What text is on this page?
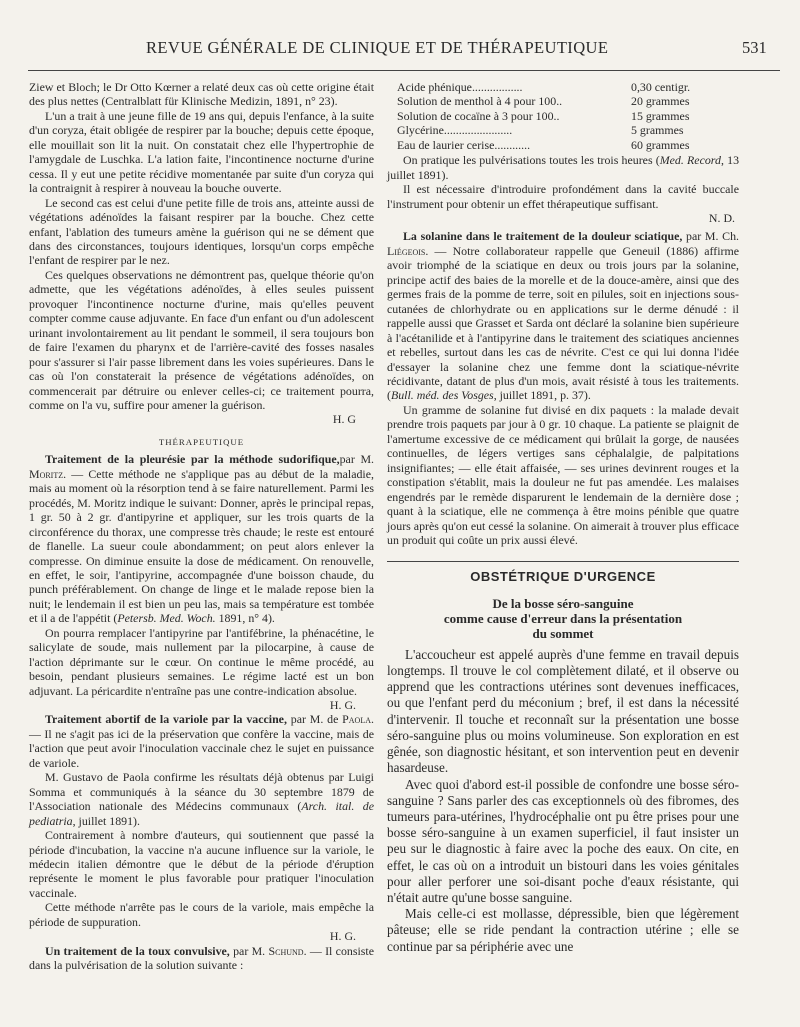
REVUE GÉNÉRALE DE CLINIQUE ET DE THÉRAPEUTIQUE	531

Ziew et Bloch; le Dr Otto Kœrner a relaté deux cas où cette origine était des plus nettes (Centralblatt für Klinische Medizin, 1891, n° 23).

L'un a trait à une jeune fille de 19 ans qui, depuis l'enfance, à la suite d'un coryza, était obligée de respirer par la bouche; depuis cette époque, elle mouillait son lit la nuit. On constatait chez elle l'hypertrophie de l'amygdale de Luschka. L'a lation faite, l'incontinence nocturne d'urine cessa. Il y eut une petite récidive momentanée par suite d'un coryza qui la contraignit à respirer à nouveau la bouche ouverte.

Le second cas est celui d'une petite fille de trois ans, atteinte aussi de végétations adénoïdes la faisant respirer par la bouche. Chez cette enfant, l'ablation des tumeurs amène la guérison qui ne se dément que dans des circonstances, toujours identiques, lorsqu'un corps empêche l'enfant de respirer par le nez.

Ces quelques observations ne démontrent pas, quelque théorie qu'on admette, que les végétations adénoïdes, à elles seules puissent provoquer l'incontinence nocturne d'urine, mais qu'elles peuvent compter comme cause adjuvante. En face d'un enfant ou d'un adolescent urinant involontairement au lit pendant le sommeil, il sera toujours bon de faire l'examen du pharynx et de l'arrière-cavité des fosses nasales pour s'assurer si l'air passe librement dans les voies supérieures. Dans le cas où l'on constaterait la présence de végétations adénoïdes, on commencerait par détruire ou enlever celles-ci; ce traitement pourra, comme on l'a vu, suffire pour amener la guérison.

H. G

THÉRAPEUTIQUE

Traitement de la pleurésie par la méthode sudorifique,par M. Moritz. — Cette méthode ne s'applique pas au début de la maladie, mais au moment où la résorption tend à se faire naturellement. Parmi les procédés, M. Moritz indique le suivant: Donner, après le principal repas, 1 gr. 50 à 2 gr. d'antipyrine et appliquer, sur les trois quarts de la circonférence du thorax, une compresse très chaude; le reste est entouré de flanelle. La sueur coule abondamment; on peut alors enlever la compresse. On diminue ensuite la dose de médicament. On renouvelle, en effet, le soir, l'antipyrine, accompagnée d'une boisson chaude, du punch préférablement. On change de linge et le malade repose bien la nuit; le lendemain il est bien un peu las, mais sa température est tombée et il a de l'appétit (Petersb. Med. Woch. 1891, n° 4).

On pourra remplacer l'antipyrine par l'antifébrine, la phénacétine, le salicylate de soude, mais nullement par la pilocarpine, à cause de l'action déprimante sur le cœur. On continue le même procédé, au besoin, pendant plusieurs semaines. Le régime lacté est un bon adjuvant. La péricardite n'entraîne pas une contre-indication absolue.

H. G.

Traitement abortif de la variole par la vaccine, par M. de Paola. — Il ne s'agit pas ici de la préservation que confère la vaccine, mais de l'action que peut avoir l'inoculation vaccinale chez le sujet en puissance de variole.

M. Gustavo de Paola confirme les résultats déjà obtenus par Luigi Somma et communiqués à la séance du 30 septembre 1879 de l'Association nationale des Médecins communaux (Arch. ital. de pediatria, juillet 1891).

Contrairement à nombre d'auteurs, qui soutiennent que passé la période d'incubation, la vaccine n'a aucune influence sur la variole, le médecin italien démontre que le début de la période d'éruption représente le moment le plus favorable pour pratiquer l'inoculation vaccinale.

Cette méthode n'arrête pas le cours de la variole, mais empêche la période de suppuration.

H. G.

Un traitement de la toux convulsive, par M. Schund. — Il consiste dans la pulvérisation de la solution suivante :

Acide phénique.................	0,30 centigr.
Solution de menthol à 4 pour 100..	20 grammes
Solution de cocaïne à 3 pour 100..	15 grammes
Glycérine.......................	5 grammes
Eau de laurier cerise............	60 grammes

On pratique les pulvérisations toutes les trois heures (Med. Record, 13 juillet 1891).

Il est nécessaire d'introduire profondément dans la cavité buccale l'instrument pour obtenir un effet thérapeutique suffisant.

N. D.

La solanine dans le traitement de la douleur sciatique, par M. Ch. Liégeois. — Notre collaborateur rappelle que Geneuil (1886) affirme avoir triomphé de la sciatique en deux ou trois jours par la solanine, principe actif des baies de la morelle et de la douce-amère, ainsi que des germes frais de la pomme de terre, soit en pilules, soit en injections sous-cutanées de chlorhydrate ou en applications sur le derme dénudé : il rappelle aussi que Grasset et Sarda ont déclaré la solanine bien supérieure à l'acétanilide et à l'antipyrine dans le traitement des sciatiques anciennes et rebelles, surtout dans les cas de névrite. C'est ce qui lui donna l'idée d'essayer la solanine chez une femme dont la sciatique-névrite récidivante, datant de plus d'un mois, avait résisté à tous les traitements. (Bull. méd. des Vosges, juillet 1891, p. 37).

Un gramme de solanine fut divisé en dix paquets : la malade devait prendre trois paquets par jour à 0 gr. 10 chaque. La patiente se plaignit de l'amertume excessive de ce médicament qui brûlait la gorge, de nausées continuelles, de légers vertiges sans céphalalgie, de palpitations insignifiantes; — elle était affaisée, — ses urines devinrent rouges et la constipation s'établit, mais la douleur ne fut pas amendée. Les malaises engendrés par le remède disparurent le lendemain de la dernière dose ; quant à la sciatique, elle ne commença à être moins pénible que quatre jours après qu'on eut cessé la solanine. On aimerait à trouver plus efficace un produit qui coûte un prix aussi élevé.

OBSTÉTRIQUE D'URGENCE
De la bosse séro-sanguine
comme cause d'erreur dans la présentation
du sommet

L'accoucheur est appelé auprès d'une femme en travail depuis longtemps. Il trouve le col complètement dilaté, et il observe ou apprend que les contractions utérines sont devenues inefficaces, ou que l'enfant perd du méconium ; bref, il est dans la nécessité d'intervenir. Il touche et reconnaît sur la présentation une bosse séro-sanguine plus ou moins volumineuse. Son exploration en est gênée, son diagnostic hésitant, et son intervention peut en devenir hasardeuse.

Avec quoi d'abord est-il possible de confondre une bosse séro-sanguine ? Sans parler des cas exceptionnels où des fibromes, des tumeurs para-utérines, l'hydrocéphalie ont pu être prises pour une bosse séro-sanguine à un examen superficiel, il faut insister un peu sur le diagnostic à faire avec la poche des eaux. On cite, en effet, le cas où on a introduit un bistouri dans les voies génitales pour aller perforer une soi-disant poche d'eaux résistante, qui n'était autre qu'une bosse sanguine.

Mais celle-ci est mollasse, dépressible, bien que légèrement pâteuse; elle se ride pendant la contraction utérine ; elle se continue par sa périphérie avec une
